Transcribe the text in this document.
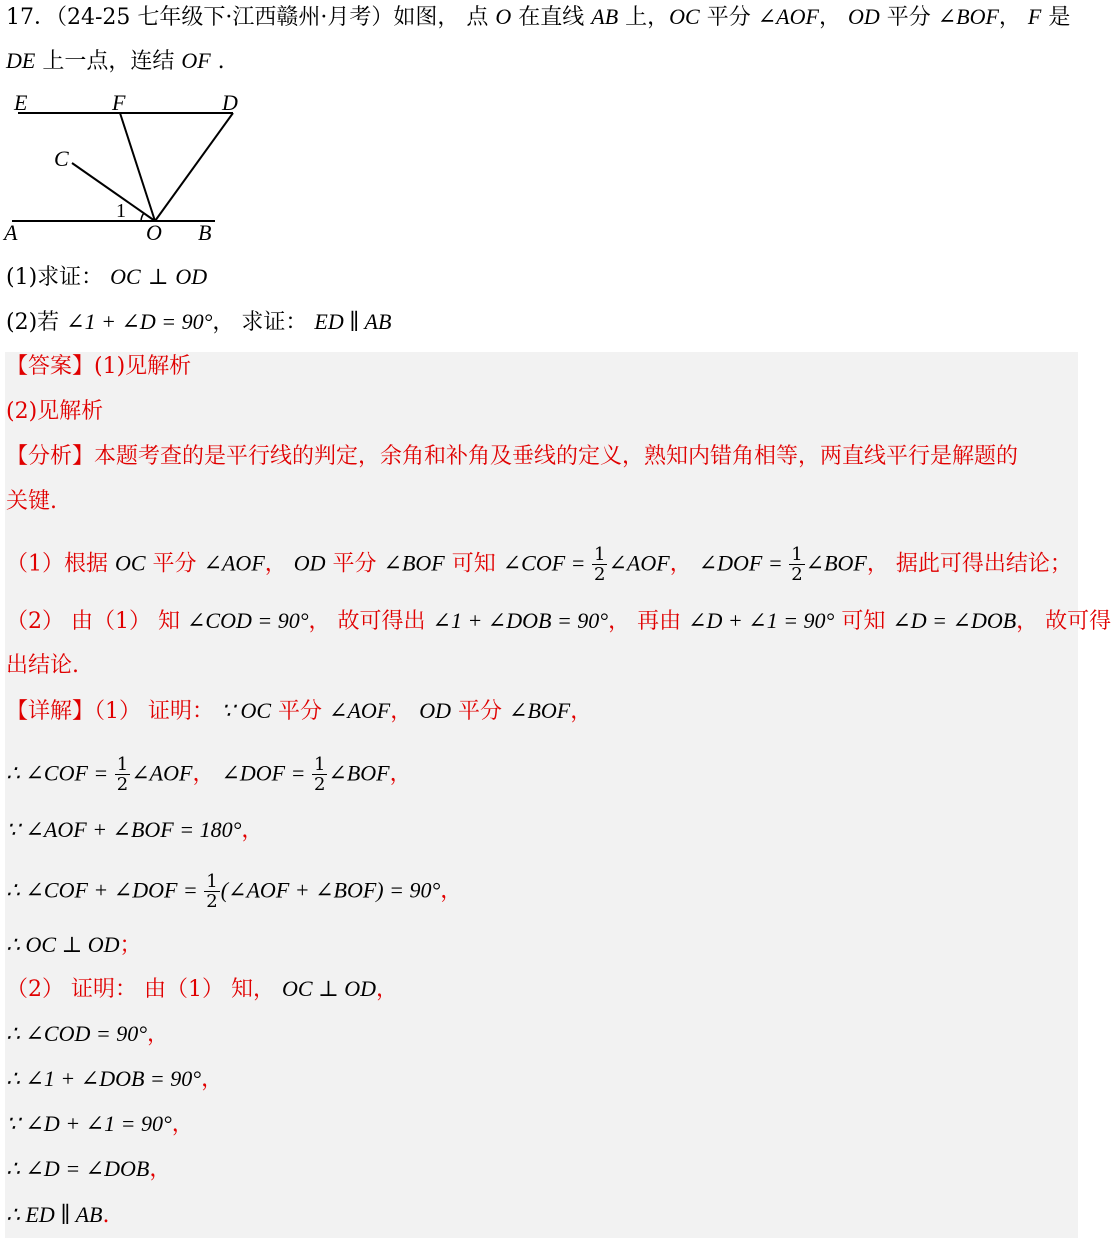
17．（24-25 七年级下·江西赣州·月考）如图， 点 O 在直线 AB 上，OC 平分 ∠AOF， OD 平分 ∠BOF， F 是
DE 上一点，连结 OF .
E	F	D
C
1
A	O B
(1)求证： OC ⊥ OD
(2)若 ∠1 + ∠D = 90°， 求证： ED ∥ AB
【答案】(1)见解析
(2)见解析
【分析】本题考查的是平行线的判定，余角和补角及垂线的定义，熟知内错角相等，两直线平行是解题的
关键.
（1）根据 OC 平分 ∠AOF， OD 平分 ∠BOF 可知 ∠COF = $\frac{1}{2}$ ∠AOF， ∠DOF = $\frac{1}{2}$ ∠BOF， 据此可得出结论；
（2） 由（1） 知 ∠COD = 90°， 故可得出 ∠1 + ∠DOB = 90°， 再由 ∠D + ∠1 = 90° 可知 ∠D = ∠DOB， 故可得
出结论.
【详解】（1） 证明： ∵ OC 平分 ∠AOF， OD 平分 ∠BOF，
∴ ∠COF = $\frac{1}{2}$ ∠AOF， ∠DOF = $\frac{1}{2}$ ∠BOF，
∵ ∠AOF + ∠BOF = 180°，
∴ ∠COF + ∠DOF = $\frac{1}{2}$ (∠AOF + ∠BOF) = 90°，
∴ OC ⊥ OD；
（2） 证明： 由（1） 知， OC ⊥ OD，
∴ ∠COD = 90°，
∴ ∠1 + ∠DOB = 90°，
∵ ∠D + ∠1 = 90°，
∴ ∠D = ∠DOB，
∴ ED ∥ AB.
